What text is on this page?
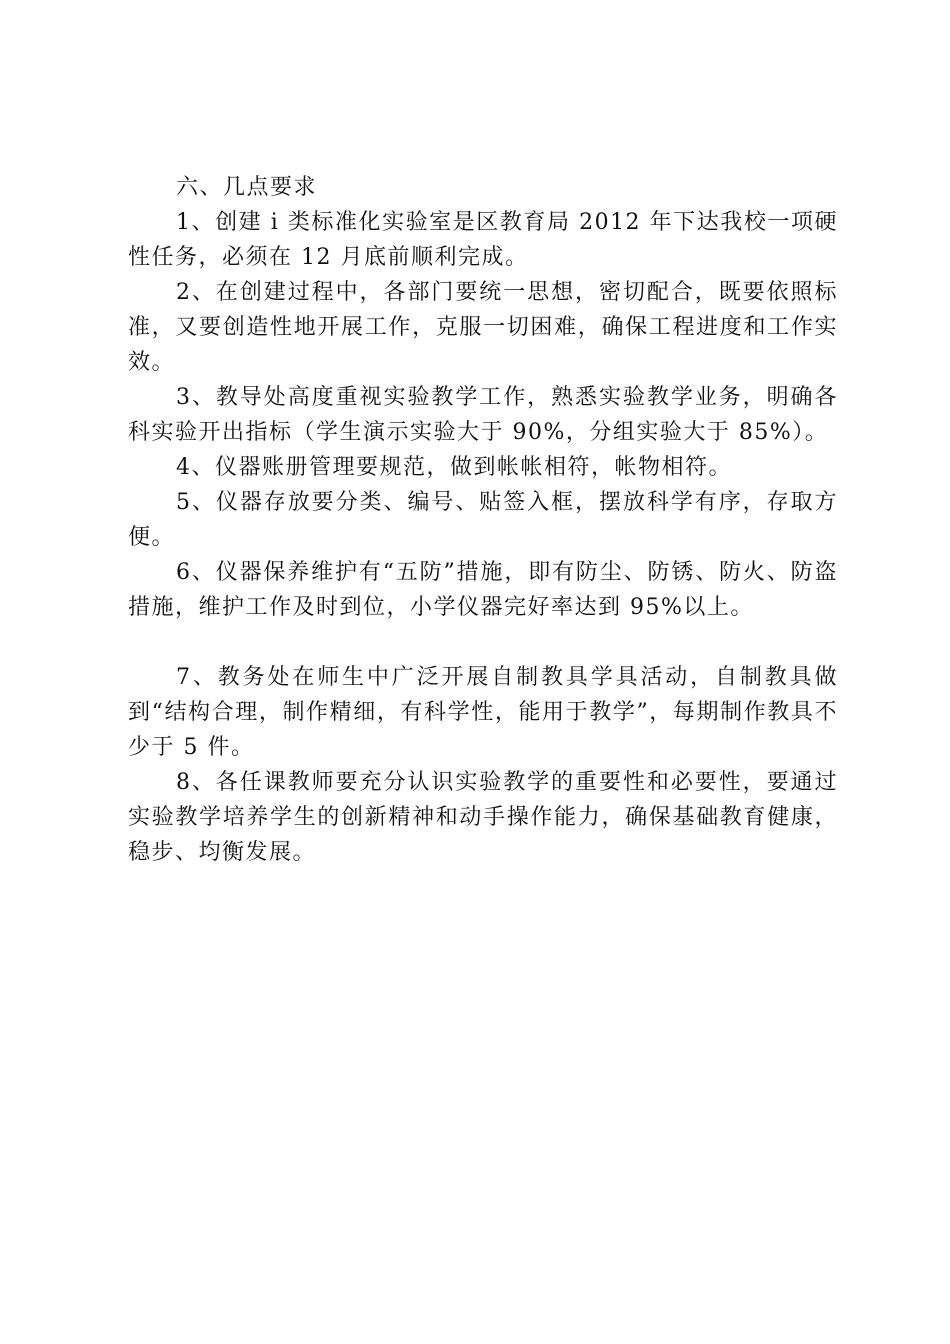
六、几点要求

1、创建 i 类标准化实验室是区教育局 2012 年下达我校一项硬性任务，必须在 12 月底前顺利完成。

2、在创建过程中，各部门要统一思想，密切配合，既要依照标准，又要创造性地开展工作，克服一切困难，确保工程进度和工作实效。

3、教导处高度重视实验教学工作，熟悉实验教学业务，明确各科实验开出指标（学生演示实验大于 90%，分组实验大于 85%）。

4、仪器账册管理要规范，做到帐帐相符，帐物相符。

5、仪器存放要分类、编号、贴签入框，摆放科学有序，存取方便。

6、仪器保养维护有“五防”措施，即有防尘、防锈、防火、防盗措施，维护工作及时到位，小学仪器完好率达到 95%以上。

7、教务处在师生中广泛开展自制教具学具活动，自制教具做到“结构合理，制作精细，有科学性，能用于教学”，每期制作教具不少于 5 件。

8、各任课教师要充分认识实验教学的重要性和必要性，要通过实验教学培养学生的创新精神和动手操作能力，确保基础教育健康，稳步、均衡发展。
